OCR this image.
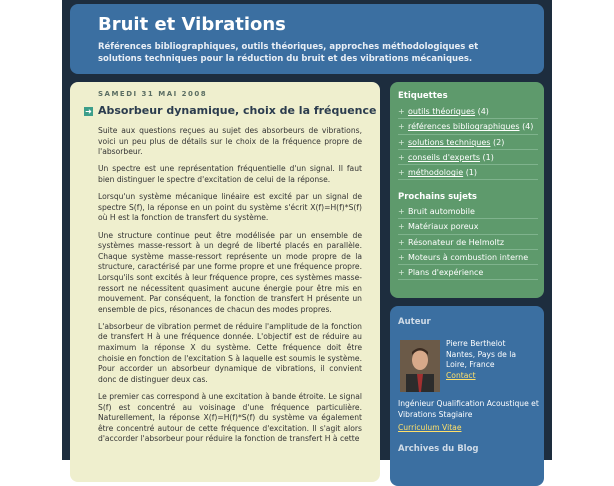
Bruit et Vibrations
Références bibliographiques, outils théoriques, approches méthodologiques et solutions techniques pour la réduction du bruit et des vibrations mécaniques.
SAMEDI 31 MAI 2008
➜ Absorbeur dynamique, choix de la fréquence

Suite aux questions reçues au sujet des absorbeurs de vibrations, voici un peu plus de détails sur le choix de la fréquence propre de l'absorbeur.

Un spectre est une représentation fréquentielle d'un signal. Il faut bien distinguer le spectre d'excitation de celui de la réponse.

Lorsqu'un système mécanique linéaire est excité par un signal de spectre S(f), la réponse en un point du système s'écrit X(f)=H(f)*S(f) où H est la fonction de transfert du système.

Une structure continue peut être modélisée par un ensemble de systèmes masse-ressort à un degré de liberté placés en parallèle. Chaque système masse-ressort représente un mode propre de la structure, caractérisé par une forme propre et une fréquence propre. Lorsqu'ils sont excités à leur fréquence propre, ces systèmes masse-ressort ne nécessitent quasiment aucune énergie pour être mis en mouvement. Par conséquent, la fonction de transfert H présente un ensemble de pics, résonances de chacun des modes propres.

L'absorbeur de vibration permet de réduire l'amplitude de la fonction de transfert H à une fréquence donnée. L'objectif est de réduire au maximum la réponse X du système. Cette fréquence doit être choisie en fonction de l'excitation S à laquelle est soumis le système. Pour accorder un absorbeur dynamique de vibrations, il convient donc de distinguer deux cas.

Le premier cas correspond à une excitation à bande étroite. Le signal S(f) est concentré au voisinage d'une fréquence particulière. Naturellement, la réponse X(f)=H(f)*S(f) du système va également être concentré autour de cette fréquence d'excitation. Il s'agit alors d'accorder l'absorbeur pour réduire la fonction de transfert H à cette

Etiquettes
+ outils théoriques (4)
+ références bibliographiques (4)
+ solutions techniques (2)
+ conseils d'experts (1)
+ méthodologie (1)
Prochains sujets
+ Bruit automobile
+ Matériaux poreux
+ Résonateur de Helmoltz
+ Moteurs à combustion interne
+ Plans d'expérience
Auteur
Pierre Berthelot
Nantes, Pays de la
Loire, France
Contact
Ingénieur Qualification Acoustique et Vibrations Stagiaire
Curriculum Vitae
Archives du Blog
